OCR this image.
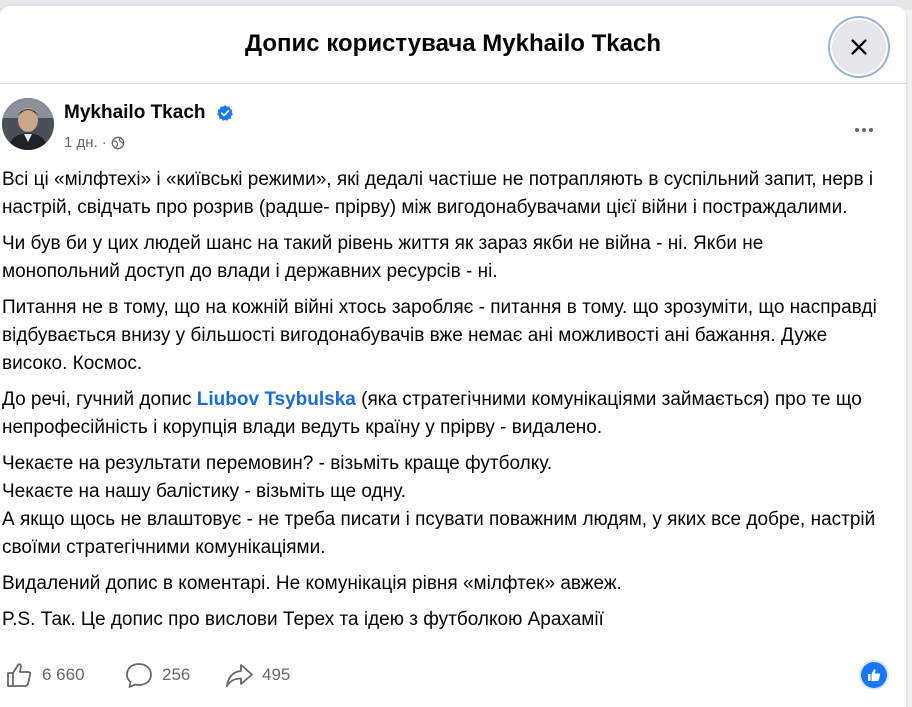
Допис користувача Mykhailo Tkach
Mykhailo Tkach
1 дн. ·

Всі ці «мілфтехі» і «київські режими», які дедалі частіше не потрапляють в суспільний запит, нерв і настрій, свідчать про розрив (радше- прірву) між вигодонабувачами цієї війни і постраждалими.

Чи був би у цих людей шанс на такий рівень життя як зараз якби не війна - ні. Якби не монопольний доступ до влади і державних ресурсів - ні.

Питання не в тому, що на кожній війні хтось заробляє - питання в тому. що зрозуміти, що насправді відбувається внизу у більшості вигодонабувачів вже немає ані можливості ані бажання. Дуже високо. Космос.

До речі, гучний допис Liubov Tsybulska (яка стратегічними комунікаціями займається) про те що непрофесійність і корупція влади ведуть країну у прірву - видалено.

Чекаєте на результати перемовин? - візьміть краще футболку.
Чекаєте на нашу балістику - візьміть ще одну.
А якщо щось не влаштовує - не треба писати і псувати поважним людям, у яких все добре, настрій своїми стратегічними комунікаціями.

Видалений допис в коментарі. Не комунікація рівня «мілфтек» авжеж.

P.S. Так. Це допис про вислови Терех та ідею з футболкою Арахамії

6 660	256	495
